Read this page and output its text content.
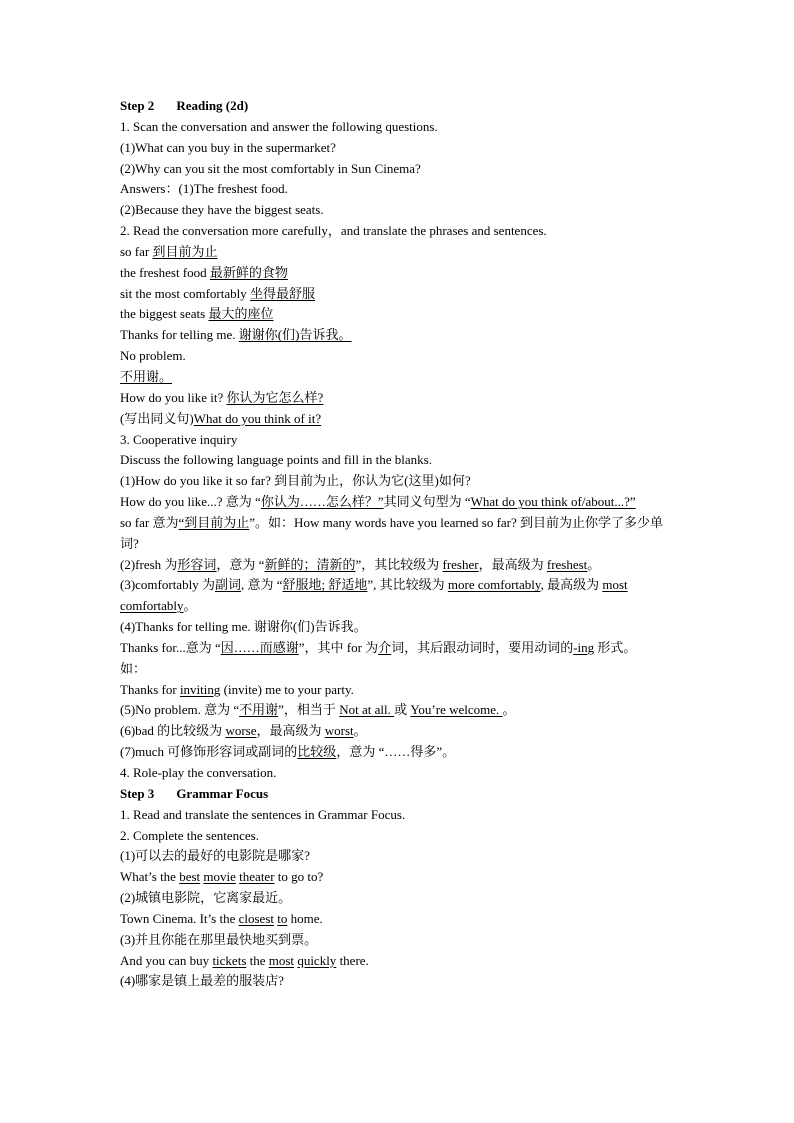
Step 2 Reading (2d)
1. Scan the conversation and answer the following questions.
(1)What can you buy in the supermarket?
(2)Why can you sit the most comfortably in Sun Cinema?
Answers：(1)The freshest food.
(2)Because they have the biggest seats.
2. Read the conversation more carefully，and translate the phrases and sentences.
so far 到目前为止
the freshest food 最新鲜的食物
sit the most comfortably 坐得最舒服
the biggest seats 最大的座位
Thanks for telling me. 谢谢你(们)告诉我。
No problem.
不用谢。
How do you like it? 你认为它怎么样?
(写出同义句)What do you think of it?
3. Cooperative inquiry
Discuss the following language points and fill in the blanks.
(1)How do you like it so far? 到目前为止，你认为它(这里)如何?
How do you like...? 意为 “你认为……怎么样？”其同义句型为 “What do you think of/about...?”
so far 意为“到目前为止”。如：How many words have you learned so far? 到目前为止你学了多少单词?
(2)fresh 为形容词，意为 “新鲜的；清新的”，其比较级为 fresher，最高级为 freshest。
(3)comfortably 为副词, 意为 “舒服地; 舒适地”, 其比较级为 more comfortably, 最高级为 most comfortably。
(4)Thanks for telling me. 谢谢你(们)告诉我。
Thanks for...意为 “因……而感谢”，其中 for 为介词，其后跟动词时，要用动词的-ing 形式。
如：
Thanks for inviting (invite) me to your party.
(5)No problem. 意为 “不用谢”，相当于 Not at all. 或 You’re welcome. 。
(6)bad 的比较级为 worse，最高级为 worst。
(7)much 可修饰形容词或副词的比较级，意为 “……得多”。
4. Role-play the conversation.
Step 3 Grammar Focus
1. Read and translate the sentences in Grammar Focus.
2. Complete the sentences.
(1)可以去的最好的电影院是哪家?
What’s the best movie theater to go to?
(2)城镇电影院，它离家最近。
Town Cinema. It’s the closest to home.
(3)并且你能在那里最快地买到票。
And you can buy tickets the most quickly there.
(4)哪家是镇上最差的服装店?
